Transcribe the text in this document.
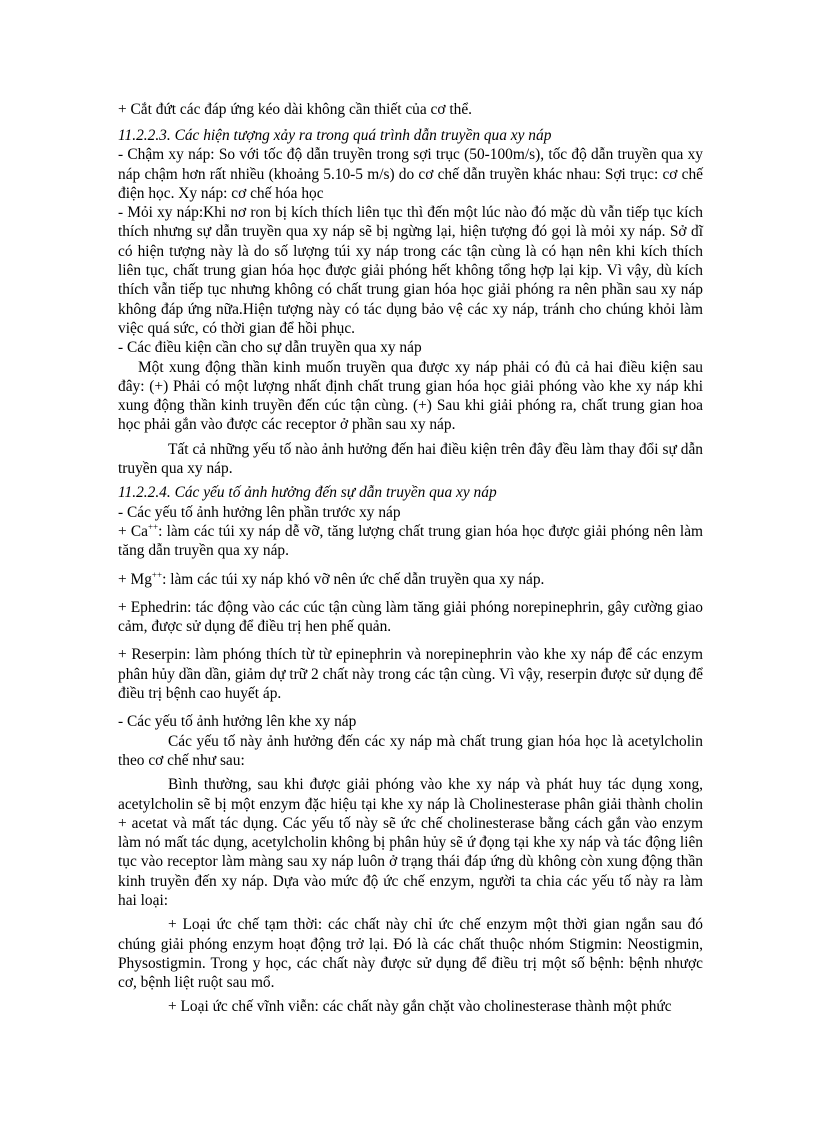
+ Cắt đứt các đáp ứng kéo dài không cần thiết của cơ thể.

11.2.2.3. Các hiện tượng xảy ra trong quá trình dẫn truyền qua xy náp

- Chậm xy náp: So với tốc độ dẫn truyền trong sợi trục (50-100m/s), tốc độ dẫn truyền qua xy náp chậm hơn rất nhiều (khoảng 5.10-5 m/s) do cơ chế dẫn truyền khác nhau: Sợi trục: cơ chế điện học. Xy náp: cơ chế hóa học

- Mỏi xy náp:Khi nơ ron bị kích thích liên tục thì đến một lúc nào đó mặc dù vẫn tiếp tục kích thích nhưng sự dẫn truyền qua xy náp sẽ bị ngừng lại, hiện tượng đó gọi là mỏi xy náp. Sở dĩ có hiện tượng này là do số lượng túi xy náp trong các tận cùng là có hạn nên khi kích thích liên tục, chất trung gian hóa học được giải phóng hết không tổng hợp lại kịp. Vì vậy, dù kích thích vẫn tiếp tục nhưng không có chất trung gian hóa học giải phóng ra nên phần sau xy náp không đáp ứng nữa.Hiện tượng này có tác dụng bảo vệ các xy náp, tránh cho chúng khỏi làm việc quá sức, có thời gian để hồi phục.

- Các điều kiện cần cho sự dẫn truyền qua xy náp

Một xung động thần kinh muốn truyền qua được xy náp phải có đủ cả hai điều kiện sau đây: (+) Phải có một lượng nhất định chất trung gian hóa học giải phóng vào khe xy náp khi xung động thần kinh truyền đến cúc tận cùng. (+) Sau khi giải phóng ra, chất trung gian hoa học phải gắn vào được các receptor ở phần sau xy náp.

Tất cả những yếu tố nào ảnh hưởng đến hai điều kiện trên đây đều làm thay đổi sự dẫn truyền qua xy náp.

11.2.2.4. Các yếu tố ảnh hưởng đến sự dẫn truyền qua xy náp

- Các yếu tố ảnh hưởng lên phần trước xy náp

+ Ca++: làm các túi xy náp dễ vỡ, tăng lượng chất trung gian hóa học được giải phóng nên làm tăng dẫn truyền qua xy náp.

+ Mg++: làm các túi xy náp khó vỡ nên ức chế dẫn truyền qua xy náp.

+ Ephedrin: tác động vào các cúc tận cùng làm tăng giải phóng norepinephrin, gây cường giao cảm, được sử dụng để điều trị hen phế quản.

+ Reserpin: làm phóng thích từ từ epinephrin và norepinephrin vào khe xy náp để các enzym phân hủy dần dần, giảm dự trữ 2 chất này trong các tận cùng. Vì vậy, reserpin được sử dụng để điều trị bệnh cao huyết áp.

- Các yếu tố ảnh hưởng lên khe xy náp

Các yếu tố này ảnh hưởng đến các xy náp mà chất trung gian hóa học là acetylcholin theo cơ chế như sau:

Bình thường, sau khi được giải phóng vào khe xy náp và phát huy tác dụng xong, acetylcholin sẽ bị một enzym đặc hiệu tại khe xy náp là Cholinesterase phân giải thành cholin + acetat và mất tác dụng. Các yếu tố này sẽ ức chế cholinesterase bằng cách gắn vào enzym làm nó mất tác dụng, acetylcholin không bị phân hủy sẽ ứ đọng tại khe xy náp và tác động liên tục vào receptor làm màng sau xy náp luôn ở trạng thái đáp ứng dù không còn xung động thần kinh truyền đến xy náp. Dựa vào mức độ ức chế enzym, người ta chia các yếu tố này ra làm hai loại:

+ Loại ức chế tạm thời: các chất này chỉ ức chế enzym một thời gian ngắn sau đó chúng giải phóng enzym hoạt động trở lại. Đó là các chất thuộc nhóm Stigmin: Neostigmin, Physostigmin. Trong y học, các chất này được sử dụng để điều trị một số bệnh: bệnh nhược cơ, bệnh liệt ruột sau mổ.

+ Loại ức chế vĩnh viễn: các chất này gắn chặt vào cholinesterase thành một phức
